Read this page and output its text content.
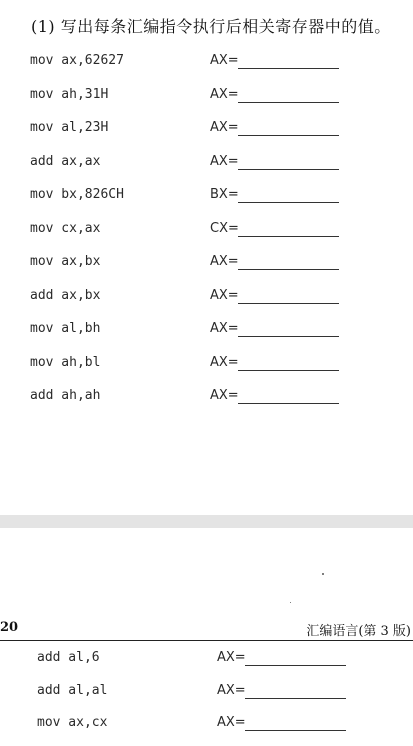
(1) 写出每条汇编指令执行后相关寄存器中的值。
mov ax,62627	AX=
mov ah,31H	AX=
mov al,23H	AX=
add ax,ax	AX=
mov bx,826CH	BX=
mov cx,ax	CX=
mov ax,bx	AX=
add ax,bx	AX=
mov al,bh	AX=
mov ah,bl	AX=
add ah,ah	AX=
20	汇编语言(第 3 版)
add al,6	AX=
add al,al	AX=
mov ax,cx	AX=
